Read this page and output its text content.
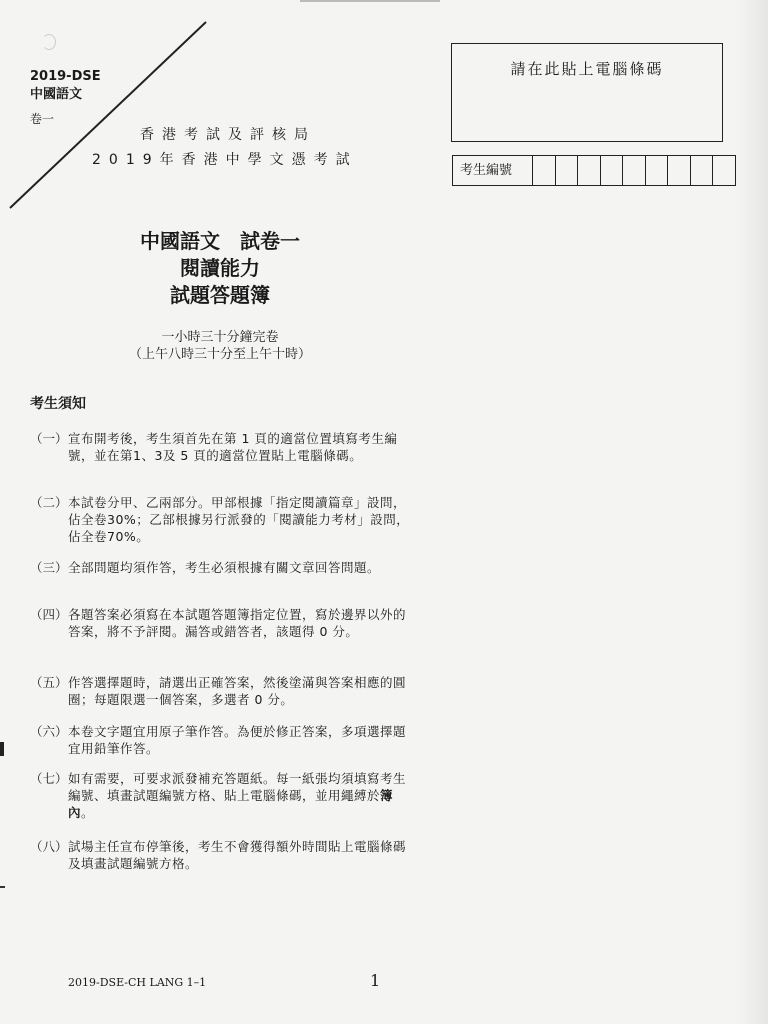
2019-DSE
中國語文
卷一
香港考試及評核局
2019年香港中學文憑考試
中國語文　試卷一
閱讀能力
試題答題簿
一小時三十分鐘完卷
（上午八時三十分至上午十時）
考生須知
（一） 宣布開考後，考生須首先在第 1 頁的適當位置填寫考生編號，並在第1、3及 5 頁的適當位置貼上電腦條碼。
（二） 本試卷分甲、乙兩部分。甲部根據「指定閱讀篇章」設問，佔全卷30%；乙部根據另行派發的「閱讀能力考材」設問，佔全卷70%。
（三） 全部問題均須作答，考生必須根據有關文章回答問題。
（四） 各題答案必須寫在本試題答題簿指定位置，寫於邊界以外的答案，將不予評閱。漏答或錯答者，該題得 0 分。
（五） 作答選擇題時，請選出正確答案，然後塗滿與答案相應的圓圈；每題限選一個答案，多選者 0 分。
（六） 本卷文字題宜用原子筆作答。為便於修正答案，多項選擇題宜用鉛筆作答。
（七） 如有需要，可要求派發補充答題紙。每一紙張均須填寫考生編號、填畫試題編號方格、貼上電腦條碼，並用繩縛於簿內。
（八） 試場主任宣布停筆後，考生不會獲得額外時間貼上電腦條碼及填畫試題編號方格。
請在此貼上電腦條碼
考生編號
2019-DSE-CH LANG 1–1	1
